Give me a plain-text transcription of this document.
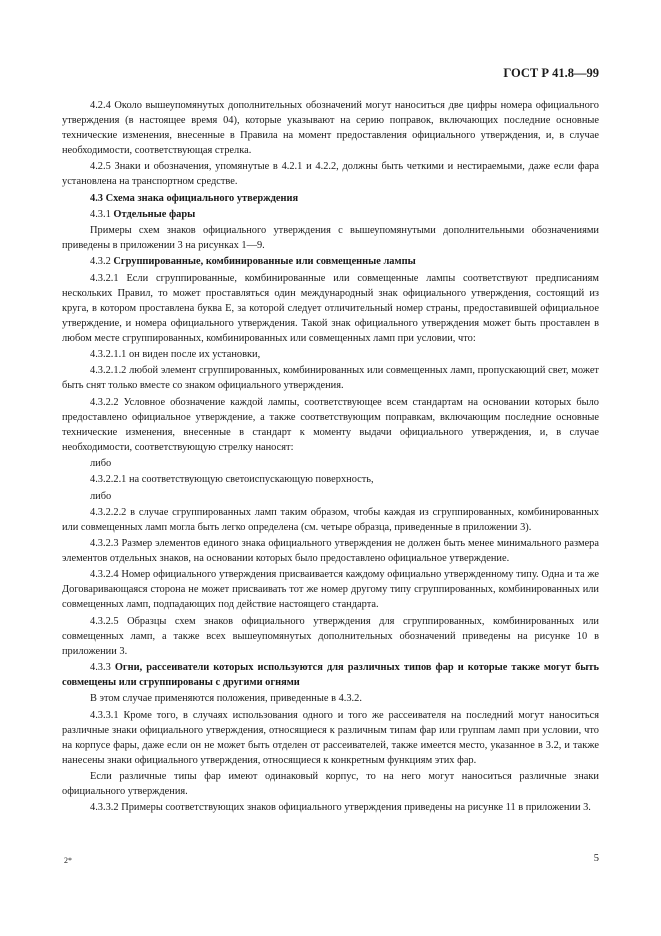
ГОСТ Р 41.8—99

4.2.4 Около вышеупомянутых дополнительных обозначений могут наноситься две цифры номера официального утверждения (в настоящее время 04), которые указывают на серию поправок, включающих последние основные технические изменения, внесенные в Правила на момент предоставления официального утверждения, и, в случае необходимости, соответствующая стрелка.

4.2.5 Знаки и обозначения, упомянутые в 4.2.1 и 4.2.2, должны быть четкими и нестираемыми, даже если фара установлена на транспортном средстве.

4.3 Схема знака официального утверждения

4.3.1 Отдельные фары

Примеры схем знаков официального утверждения с вышеупомянутыми дополнительными обозначениями приведены в приложении 3 на рисунках 1—9.

4.3.2 Сгруппированные, комбинированные или совмещенные лампы

4.3.2.1 Если сгруппированные, комбинированные или совмещенные лампы соответствуют предписаниям нескольких Правил, то может проставляться один международный знак официального утверждения, состоящий из круга, в котором проставлена буква Е, за которой следует отличительный номер страны, предоставившей официальное утверждение, и номера официального утверждения. Такой знак официального утверждения может быть проставлен в любом месте сгруппированных, комбинированных или совмещенных ламп при условии, что:

4.3.2.1.1 он виден после их установки,

4.3.2.1.2 любой элемент сгруппированных, комбинированных или совмещенных ламп, пропускающий свет, может быть снят только вместе со знаком официального утверждения.

4.3.2.2 Условное обозначение каждой лампы, соответствующее всем стандартам на основании которых было предоставлено официальное утверждение, а также соответствующим поправкам, включающим последние основные технические изменения, внесенные в стандарт к моменту выдачи официального утверждения, и, в случае необходимости, соответствующую стрелку наносят:

либо

4.3.2.2.1 на соответствующую светоиспускающую поверхность,

либо

4.3.2.2.2 в случае сгруппированных ламп таким образом, чтобы каждая из сгруппированных, комбинированных или совмещенных ламп могла быть легко определена (см. четыре образца, приведенные в приложении 3).

4.3.2.3 Размер элементов единого знака официального утверждения не должен быть менее минимального размера элементов отдельных знаков, на основании которых было предоставлено официальное утверждение.

4.3.2.4 Номер официального утверждения присваивается каждому официально утвержденному типу. Одна и та же Договаривающаяся сторона не может присваивать тот же номер другому типу сгруппированных, комбинированных или совмещенных ламп, подпадающих под действие настоящего стандарта.

4.3.2.5 Образцы схем знаков официального утверждения для сгруппированных, комбинированных или совмещенных ламп, а также всех вышеупомянутых дополнительных обозначений приведены на рисунке 10 в приложении 3.

4.3.3 Огни, рассеиватели которых используются для различных типов фар и которые также могут быть совмещены или сгруппированы с другими огнями

В этом случае применяются положения, приведенные в 4.3.2.

4.3.3.1 Кроме того, в случаях использования одного и того же рассеивателя на последний могут наноситься различные знаки официального утверждения, относящиеся к различным типам фар или группам ламп при условии, что на корпусе фары, даже если он не может быть отделен от рассеивателей, также имеется место, указанное в 3.2, и также нанесены знаки официального утверждения, относящиеся к конкретным функциям этих фар.

Если различные типы фар имеют одинаковый корпус, то на него могут наноситься различные знаки официального утверждения.

4.3.3.2 Примеры соответствующих знаков официального утверждения приведены на рисунке 11 в приложении 3.

2*	5
